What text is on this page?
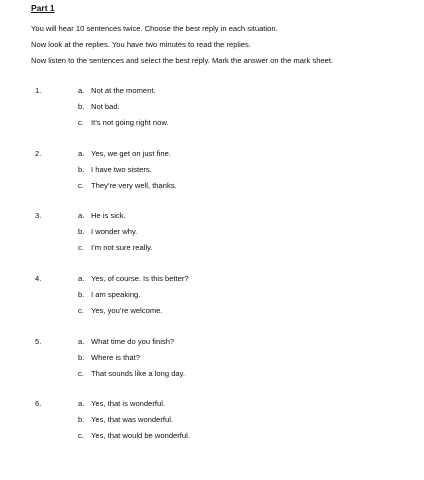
Part 1
You will hear 10 sentences twice. Choose the best reply in each situation.
Now look at the replies. You have two minutes to read the replies.
Now listen to the sentences and select the best reply. Mark the answer on the mark sheet.
1.	a. Not at the moment.
b. Not bad.
c. It’s not going right now.
2.	a. Yes, we get on just fine.
b. I have two sisters.
c. They’re very well, thanks.
3.	a. He is sick.
b. I wonder why.
c. I’m not sure really.
4.	a. Yes, of course. Is this better?
b. I am speaking.
c. Yes, you’re welcome.
5.	a. What time do you finish?
b. Where is that?
c. That sounds like a long day.
6.	a. Yes, that is wonderful.
b. Yes, that was wonderful.
c. Yes, that would be wonderful.
